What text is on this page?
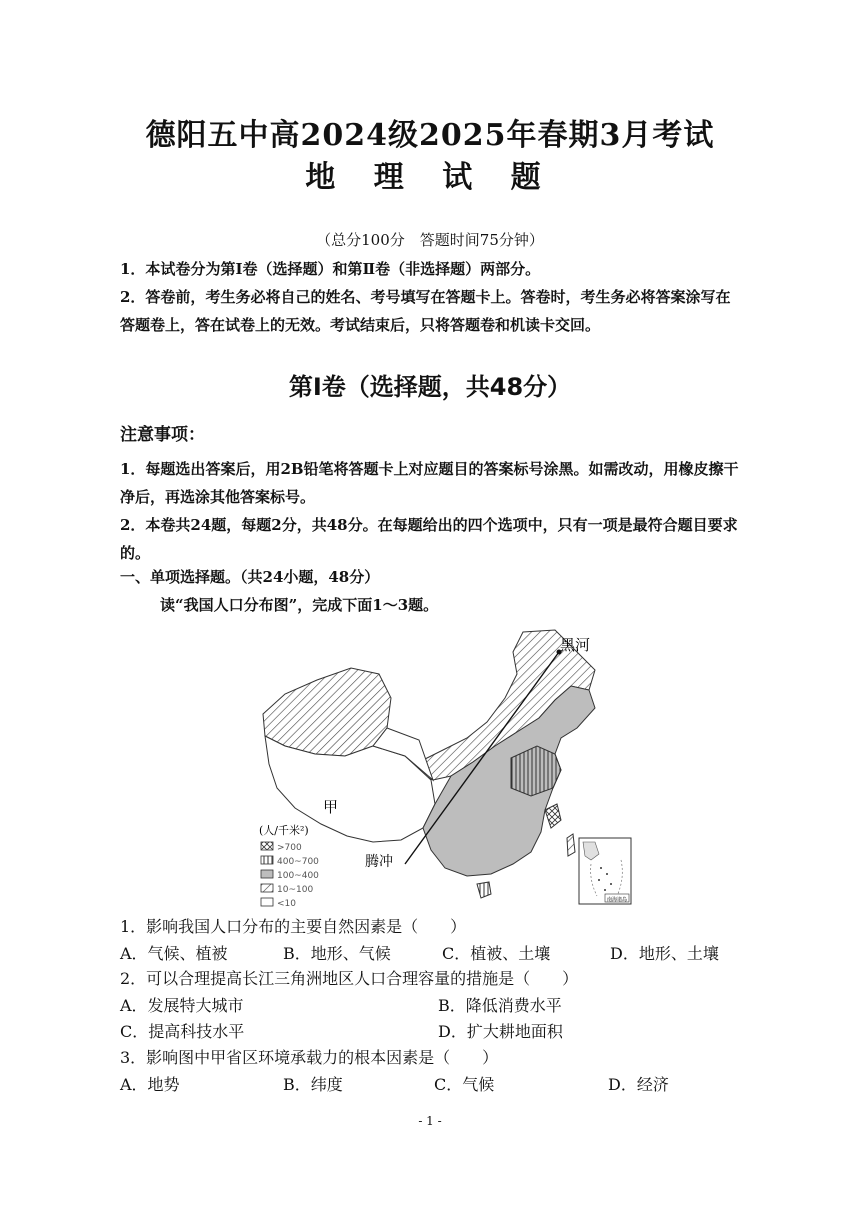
德阳五中高2024级2025年春期3月考试
地 理 试 题
（总分100分　答题时间75分钟）
1．本试卷分为第Ⅰ卷（选择题）和第Ⅱ卷（非选择题）两部分。
2．答卷前，考生务必将自己的姓名、考号填写在答题卡上。答卷时，考生务必将答案涂写在答题卷上，答在试卷上的无效。考试结束后，只将答题卷和机读卡交回。
第Ⅰ卷（选择题，共48分）
注意事项：
1．每题选出答案后，用2B铅笔将答题卡上对应题目的答案标号涂黑。如需改动，用橡皮擦干净后，再选涂其他答案标号。
2．本卷共24题，每题2分，共48分。在每题给出的四个选项中，只有一项是最符合题目要求的。
一、单项选择题。（共24小题，48分）
读“我国人口分布图”，完成下面1～3题。
黑河
甲
腾冲
(人/千米²)
>700
400~700
100~400
10~100
<10	南海诸岛
1．影响我国人口分布的主要自然因素是（　　）
A．气候、植被	B．地形、气候	C．植被、土壤	D．地形、土壤
2．可以合理提高长江三角洲地区人口合理容量的措施是（　　）
A．发展特大城市	B．降低消费水平
C．提高科技水平	D．扩大耕地面积
3．影响图中甲省区环境承载力的根本因素是（　　）
A．地势	B．纬度	C．气候	D．经济
- 1 -
